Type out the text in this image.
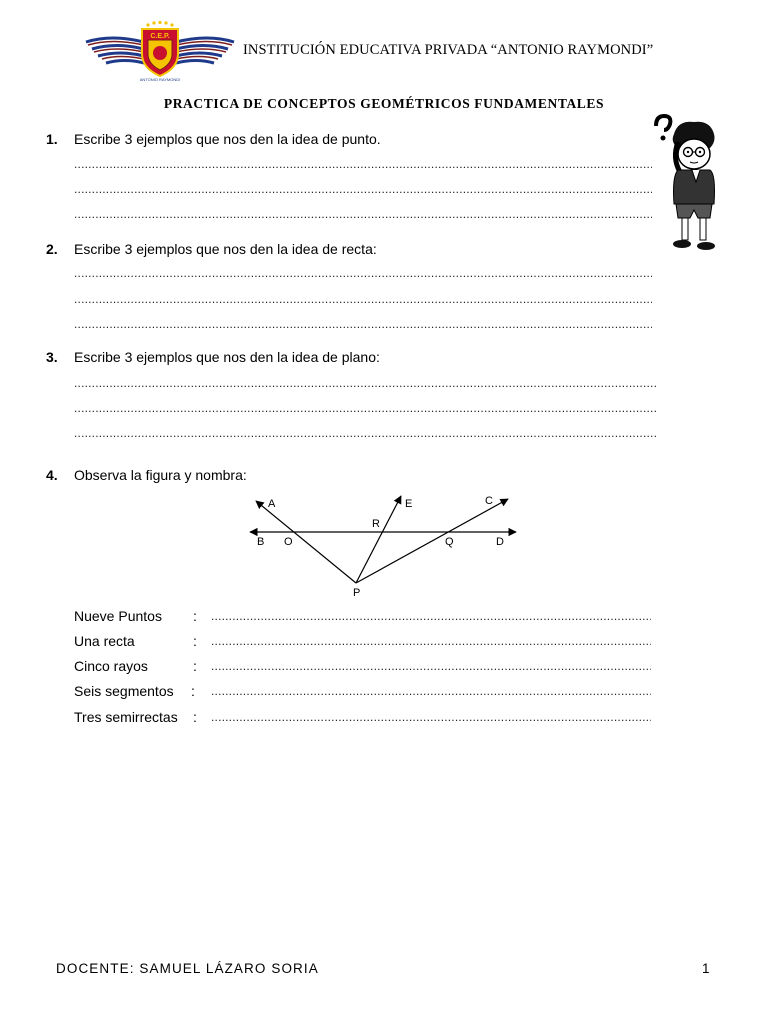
C.E.P.
ANTONIO RAYMONDI
INSTITUCIÓN EDUCATIVA PRIVADA “ANTONIO RAYMONDI”
PRACTICA DE CONCEPTOS GEOMÉTRICOS FUNDAMENTALES
1. Escribe 3 ejemplos que nos den la idea de punto.
.....
.....
.....
2. Escribe 3 ejemplos que nos den la idea de recta:
.....
.....
.....
3. Escribe 3 ejemplos que nos den la idea de plano:
.....
.....
.....
4. Observa la figura y nombra:
A	E	C
R
B O	Q	D
P
Nueve Puntos :
.....
Una recta	:
.....
Cinco rayos	:
.....
Seis segmentos :
.....
Tres semirrectas :
.....
DOCENTE: SAMUEL LÁZARO SORIA	1
